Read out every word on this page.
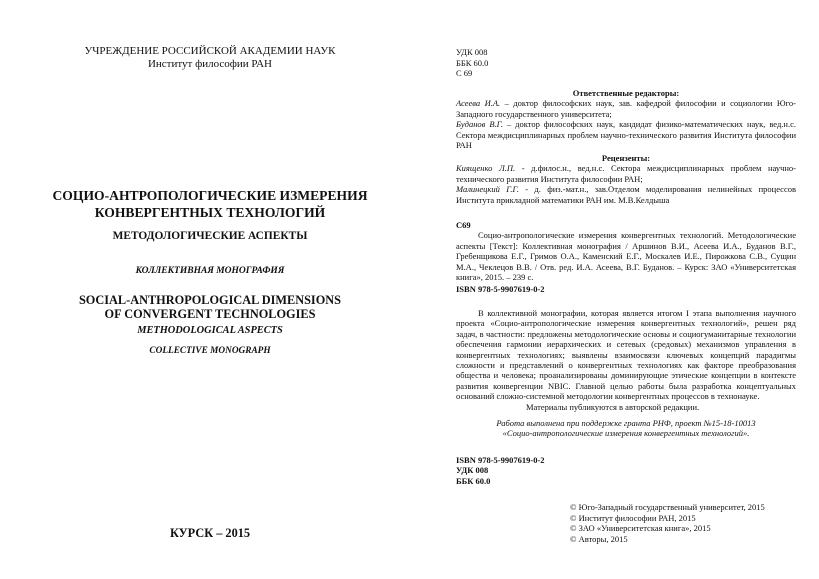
УЧРЕЖДЕНИЕ РОССИЙСКОЙ АКАДЕМИИ НАУК
Институт философии РАН
СОЦИО-АНТРОПОЛОГИЧЕСКИЕ ИЗМЕРЕНИЯ
КОНВЕРГЕНТНЫХ ТЕХНОЛОГИЙ
МЕТОДОЛОГИЧЕСКИЕ АСПЕКТЫ
КОЛЛЕКТИВНАЯ МОНОГРАФИЯ
SOCIAL-ANTHROPOLOGICAL DIMENSIONS
OF CONVERGENT TECHNOLOGIES
METHODOLOGICAL ASPECTS
COLLECTIVE MONOGRAPH
КУРСК – 2015
УДК 008
ББК 60.0
С 69
Ответственные редакторы:

Асеева И.А. – доктор философских наук, зав. кафедрой философии и социологии Юго-Западного государственного университета;

Буданов В.Г. – доктор философских наук, кандидат физико-математических наук, вед.н.с. Сектора междисциплинарных проблем научно-технического развития Института философии РАН

Рецензенты:

Киященко Л.П. - д.филос.н., вед.н.с. Сектора междисциплинарных проблем научно-технического развития Института философии РАН;

Малинецкий Г.Г. - д. физ.-мат.н., зав.Отделом моделирования нелинейных процессов Института прикладной математики РАН им. М.В.Келдыша

С69

Социо-антропологические измерения конвергентных технологий. Методологические аспекты [Текст]: Коллективная монография / Аршинов В.И., Асеева И.А., Буданов В.Г., Гребенщикова Е.Г., Гримов О.А., Каменский Е.Г., Москалев И.Е., Пирожкова С.В., Сущин М.А., Чеклецов В.В. / Отв. ред. И.А. Асеева, В.Г. Буданов. – Курск: ЗАО «Университетская книга», 2015. – 239 с.

ISBN 978-5-9907619-0-2

В коллективной монографии, которая является итогом I этапа выполнения научного проекта «Социо-антропологические измерения конвергентных технологий», решен ряд задач, в частности: предложены методологические основы и социогуманитарные технологии обеспечения гармонии иерархических и сетевых (средовых) механизмов управления в конвергентных технологиях; выявлены взаимосвязи ключевых концепций парадигмы сложности и представлений о конвергентных технологиях как факторе преобразования общества и человека; проанализированы доминирующие этические концепции в контексте развития конвергенции NBIC. Главной целью работы была разработка концептуальных оснований сложно-системной методологии конвергентных процессов в технонауке.

Материалы публикуются в авторской редакции.

Работа выполнена при поддержке гранта РНФ, проект №15-18-10013
«Социо-антропологические измерения конвергентных технологий».
ISBN 978-5-9907619-0-2
УДК 008
ББК 60.0
© Юго-Западный государственный университет, 2015
© Институт философии РАН, 2015
© ЗАО «Университетская книга», 2015
© Авторы, 2015
